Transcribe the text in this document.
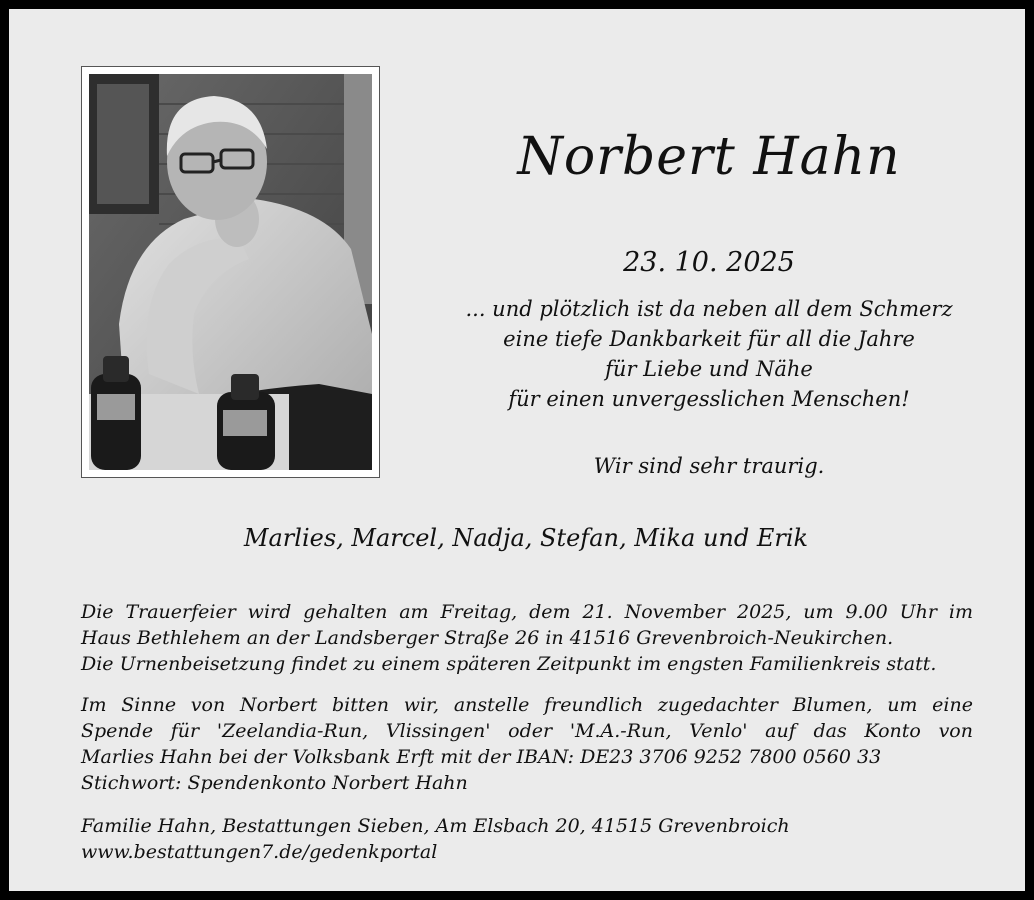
Norbert Hahn
23. 10. 2025
... und plötzlich ist da neben all dem Schmerz
eine tiefe Dankbarkeit für all die Jahre
für Liebe und Nähe
für einen unvergesslichen Menschen!
Wir sind sehr traurig.
Marlies, Marcel, Nadja, Stefan, Mika und Erik
Die Trauerfeier wird gehalten am Freitag, dem 21. November 2025, um 9.00 Uhr im
Haus Bethlehem an der Landsberger Straße 26 in 41516 Grevenbroich-Neukirchen.
Die Urnenbeisetzung findet zu einem späteren Zeitpunkt im engsten Familienkreis statt.
Im Sinne von Norbert bitten wir, anstelle freundlich zugedachter Blumen, um eine
Spende für 'Zeelandia-Run, Vlissingen' oder 'M.A.-Run, Venlo' auf das Konto von
Marlies Hahn bei der Volksbank Erft mit der IBAN: DE23 3706 9252 7800 0560 33
Stichwort: Spendenkonto Norbert Hahn
Familie Hahn, Bestattungen Sieben, Am Elsbach 20, 41515 Grevenbroich
www.bestattungen7.de/gedenkportal
